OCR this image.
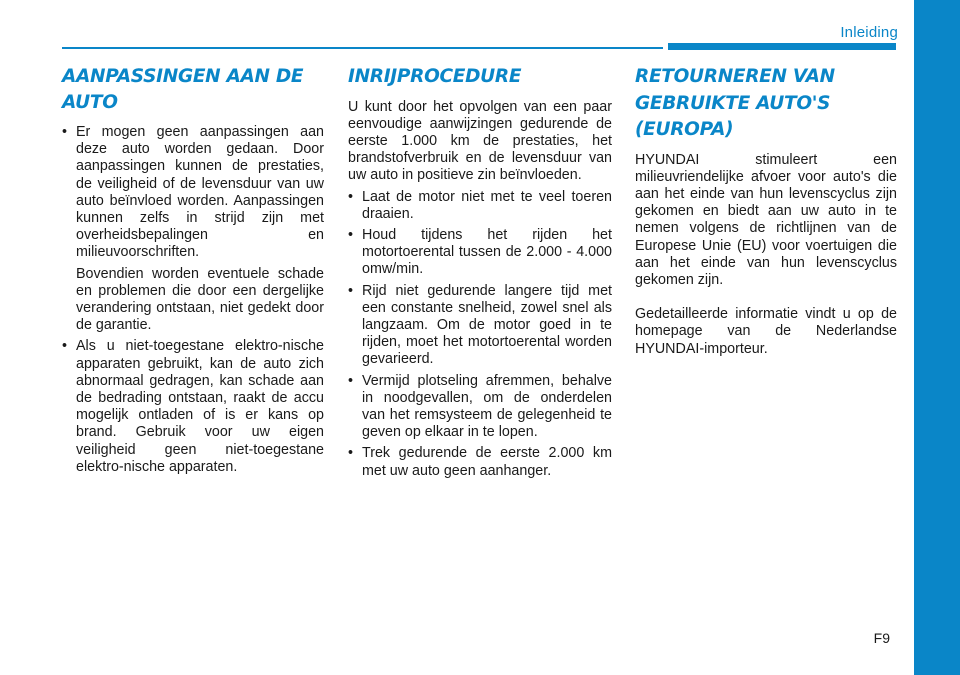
Inleiding
AANPASSINGEN AAN DE AUTO
• Er mogen geen aanpassingen aan deze auto worden gedaan. Door aanpassingen kunnen de prestaties, de veiligheid of de levensduur van uw auto beïnvloed worden. Aanpassingen kunnen zelfs in strijd zijn met overheidsbepalingen en milieuvoorschriften.

Bovendien worden eventuele schade en problemen die door een dergelijke verandering ontstaan, niet gedekt door de garantie.

• Als u niet-toegestane elektro-nische apparaten gebruikt, kan de auto zich abnormaal gedragen, kan schade aan de bedrading ontstaan, raakt de accu mogelijk ontladen of is er kans op brand. Gebruik voor uw eigen veiligheid geen niet-toegestane elektro-nische apparaten.
INRIJPROCEDURE

U kunt door het opvolgen van een paar eenvoudige aanwijzingen gedurende de eerste 1.000 km de prestaties, het brandstofverbruik en de levensduur van uw auto in positieve zin beïnvloeden.

• Laat de motor niet met te veel toeren draaien.
• Houd tijdens het rijden het motortoerental tussen de 2.000 - 4.000 omw/min.
• Rijd niet gedurende langere tijd met een constante snelheid, zowel snel als langzaam. Om de motor goed in te rijden, moet het motortoerental worden gevarieerd.
• Vermijd plotseling afremmen, behalve in noodgevallen, om de onderdelen van het remsysteem de gelegenheid te geven op elkaar in te lopen.
• Trek gedurende de eerste 2.000 km met uw auto geen aanhanger.
RETOURNEREN VAN GEBRUIKTE AUTO'S (EUROPA)

HYUNDAI stimuleert een milieuvriendelijke afvoer voor auto's die aan het einde van hun levenscyclus zijn gekomen en biedt aan uw auto in te nemen volgens de richtlijnen van de Europese Unie (EU) voor voertuigen die aan het einde van hun levenscyclus gekomen zijn.

Gedetailleerde informatie vindt u op de homepage van de Nederlandse HYUNDAI-importeur.

F9
